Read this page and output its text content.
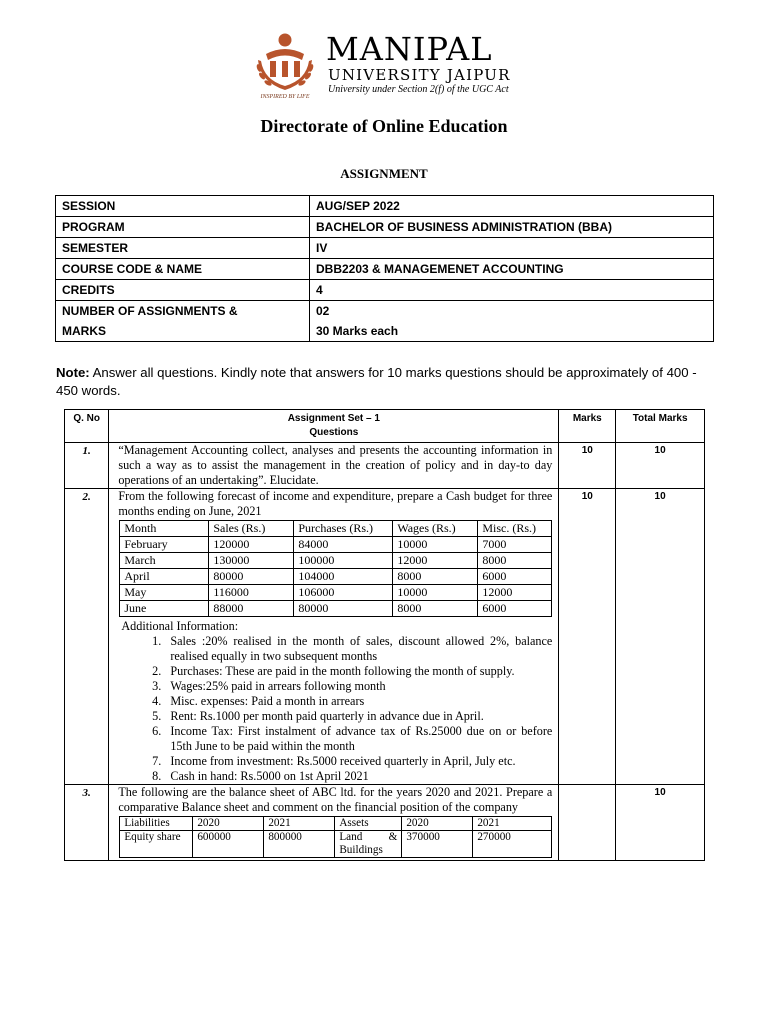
INSPIRED BY LIFE
MANIPAL
UNIVERSITY JAIPUR
University under Section 2(f) of the UGC Act
Directorate of Online Education
ASSIGNMENT
SESSION	AUG/SEP 2022
PROGRAM	BACHELOR OF BUSINESS ADMINISTRATION (BBA)
SEMESTER	IV
COURSE CODE & NAME	DBB2203 & MANAGEMENET ACCOUNTING
CREDITS	4
NUMBER OF ASSIGNMENTS &	02
MARKS	30 Marks each
Note: Answer all questions. Kindly note that answers for 10 marks questions should be approximately of 400 - 450 words.
Q. No	Assignment Set – 1
Questions
	Marks	Total Marks
1.	“Management Accounting collect, analyses and presents the accounting information in such a way as to assist the management in the creation of policy and in day-to day operations of an undertaking”. Elucidate.	10	10
2.	From the following forecast of income and expenditure, prepare a Cash budget for three months ending on June, 2021
Month	Sales (Rs.)	Purchases (Rs.)	Wages (Rs.)	Misc. (Rs.)
February	120000	84000	10000	7000
March	130000	100000	12000	8000
April	80000	104000	8000	6000
May	116000	106000	10000	12000
June	88000	80000	8000	6000
Additional Information:
1. Sales :20% realised in the month of sales, discount allowed 2%, balance realised equally in two subsequent months
2. Purchases: These are paid in the month following the month of supply.
3. Wages:25% paid in arrears following month
4. Misc. expenses: Paid a month in arrears
5. Rent: Rs.1000 per month paid quarterly in advance due in April.
6. Income Tax: First instalment of advance tax of Rs.25000 due on or before 15th June to be paid within the month
7. Income from investment: Rs.5000 received quarterly in April, July etc.
8. Cash in hand: Rs.5000 on 1st April 2021
	10	10
3.	The following are the balance sheet of ABC ltd. for the years 2020 and 2021. Prepare a comparative Balance sheet and comment on the financial position of the company
Liabilities	2020	2021	Assets	2020	2021
Equity share	600000	800000	Land & Buildings	370000	270000
		10
